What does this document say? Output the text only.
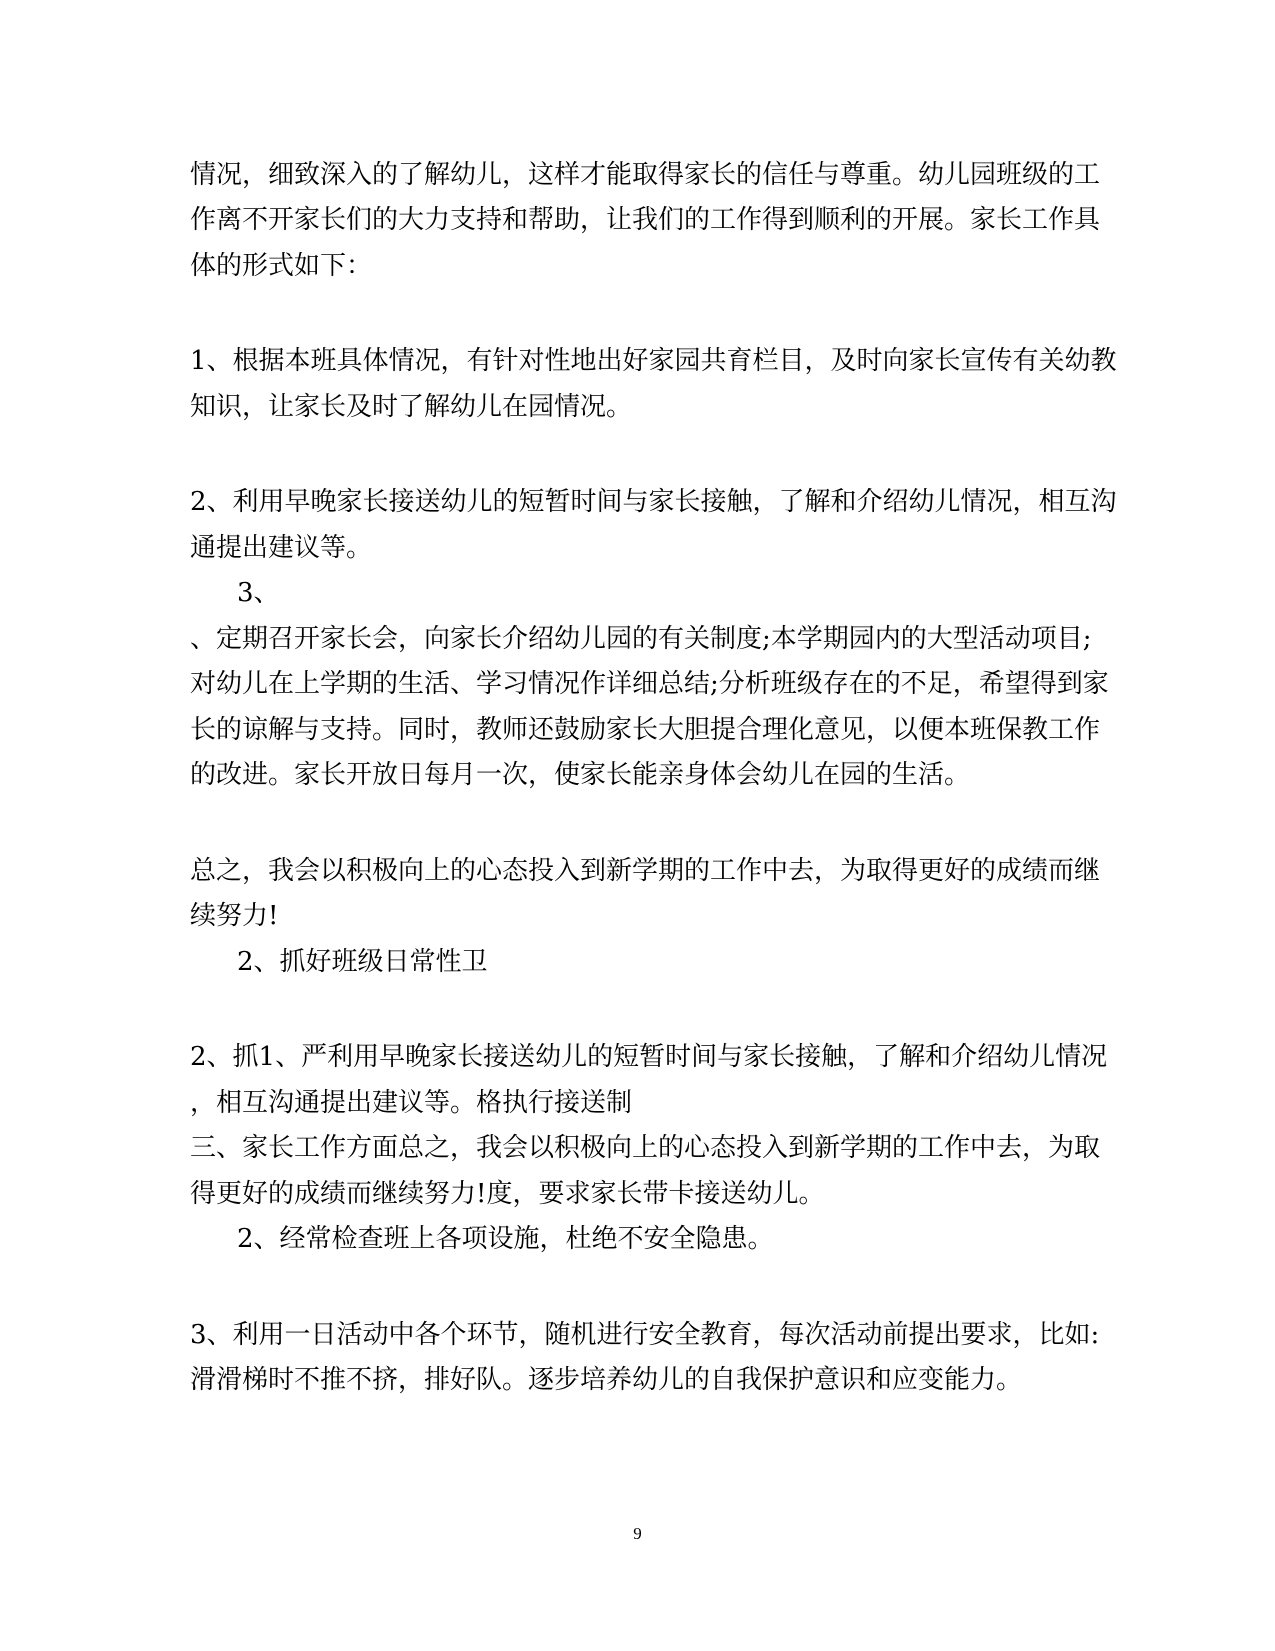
情况，细致深入的了解幼儿，这样才能取得家长的信任与尊重。幼儿园班级的工
作离不开家长们的大力支持和帮助，让我们的工作得到顺利的开展。家长工作具
体的形式如下：
1、根据本班具体情况，有针对性地出好家园共育栏目，及时向家长宣传有关幼教
知识，让家长及时了解幼儿在园情况。
2、利用早晚家长接送幼儿的短暂时间与家长接触，了解和介绍幼儿情况，相互沟
通提出建议等。
3、
、定期召开家长会，向家长介绍幼儿园的有关制度;本学期园内的大型活动项目;
对幼儿在上学期的生活、学习情况作详细总结;分析班级存在的不足，希望得到家
长的谅解与支持。同时，教师还鼓励家长大胆提合理化意见，以便本班保教工作
的改进。家长开放日每月一次，使家长能亲身体会幼儿在园的生活。
总之，我会以积极向上的心态投入到新学期的工作中去，为取得更好的成绩而继
续努力!
2、抓好班级日常性卫
2、抓1、严利用早晚家长接送幼儿的短暂时间与家长接触，了解和介绍幼儿情况
，相互沟通提出建议等。格执行接送制
三、家长工作方面总之，我会以积极向上的心态投入到新学期的工作中去，为取
得更好的成绩而继续努力!度，要求家长带卡接送幼儿。
2、经常检查班上各项设施，杜绝不安全隐患。
3、利用一日活动中各个环节，随机进行安全教育，每次活动前提出要求，比如:
滑滑梯时不推不挤，排好队。逐步培养幼儿的自我保护意识和应变能力。
9
